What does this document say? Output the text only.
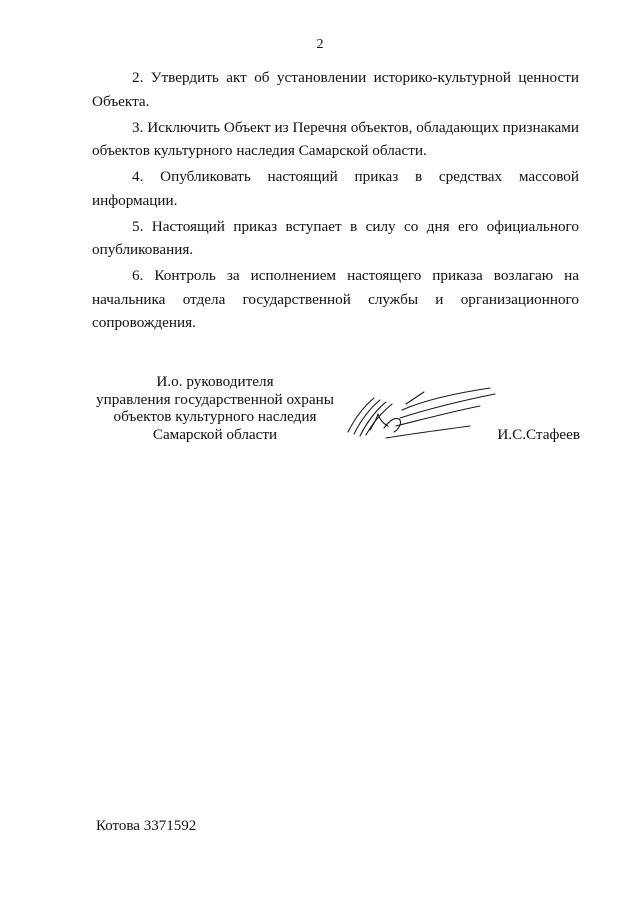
2

2. Утвердить акт об установлении историко-культурной ценности Объекта.

3. Исключить Объект из Перечня объектов, обладающих признаками объектов культурного наследия Самарской области.

4. Опубликовать настоящий приказ в средствах массовой информации.

5. Настоящий приказ вступает в силу со дня его официального опубликования.

6. Контроль за исполнением настоящего приказа возлагаю на начальника отдела государственной службы и организационного сопровождения.

И.о. руководителя
управления государственной охраны
объектов культурного наследия
Самарской области	И.С.Стафеев
Котова 3371592
